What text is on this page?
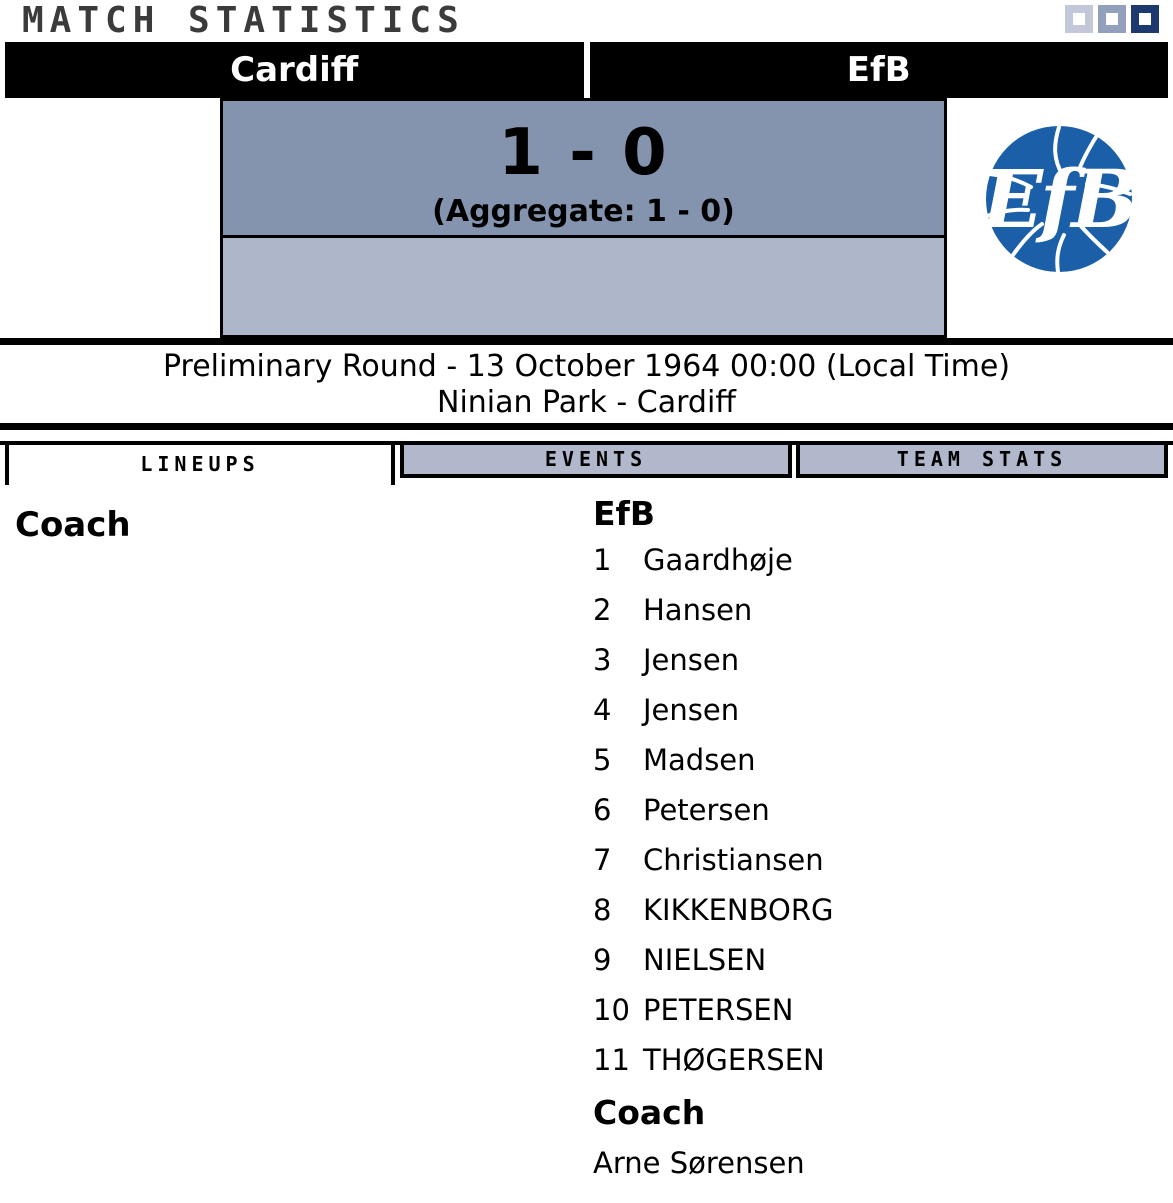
MATCH STATISTICS
Cardiff	EfB
1 - 0
(Aggregate: 1 - 0)	EfB
Preliminary Round - 13 October 1964 00:00 (Local Time)
Ninian Park - Cardiff
LINEUPS	EVENTS	TEAM STATS
Coach	EfB
1	Gaardhøje
2	Hansen
3	Jensen
4	Jensen
5	Madsen
6	Petersen
7	Christiansen
8	KIKKENBORG
9	NIELSEN
10 PETERSEN
11 THØGERSEN
Coach
Arne Sørensen
